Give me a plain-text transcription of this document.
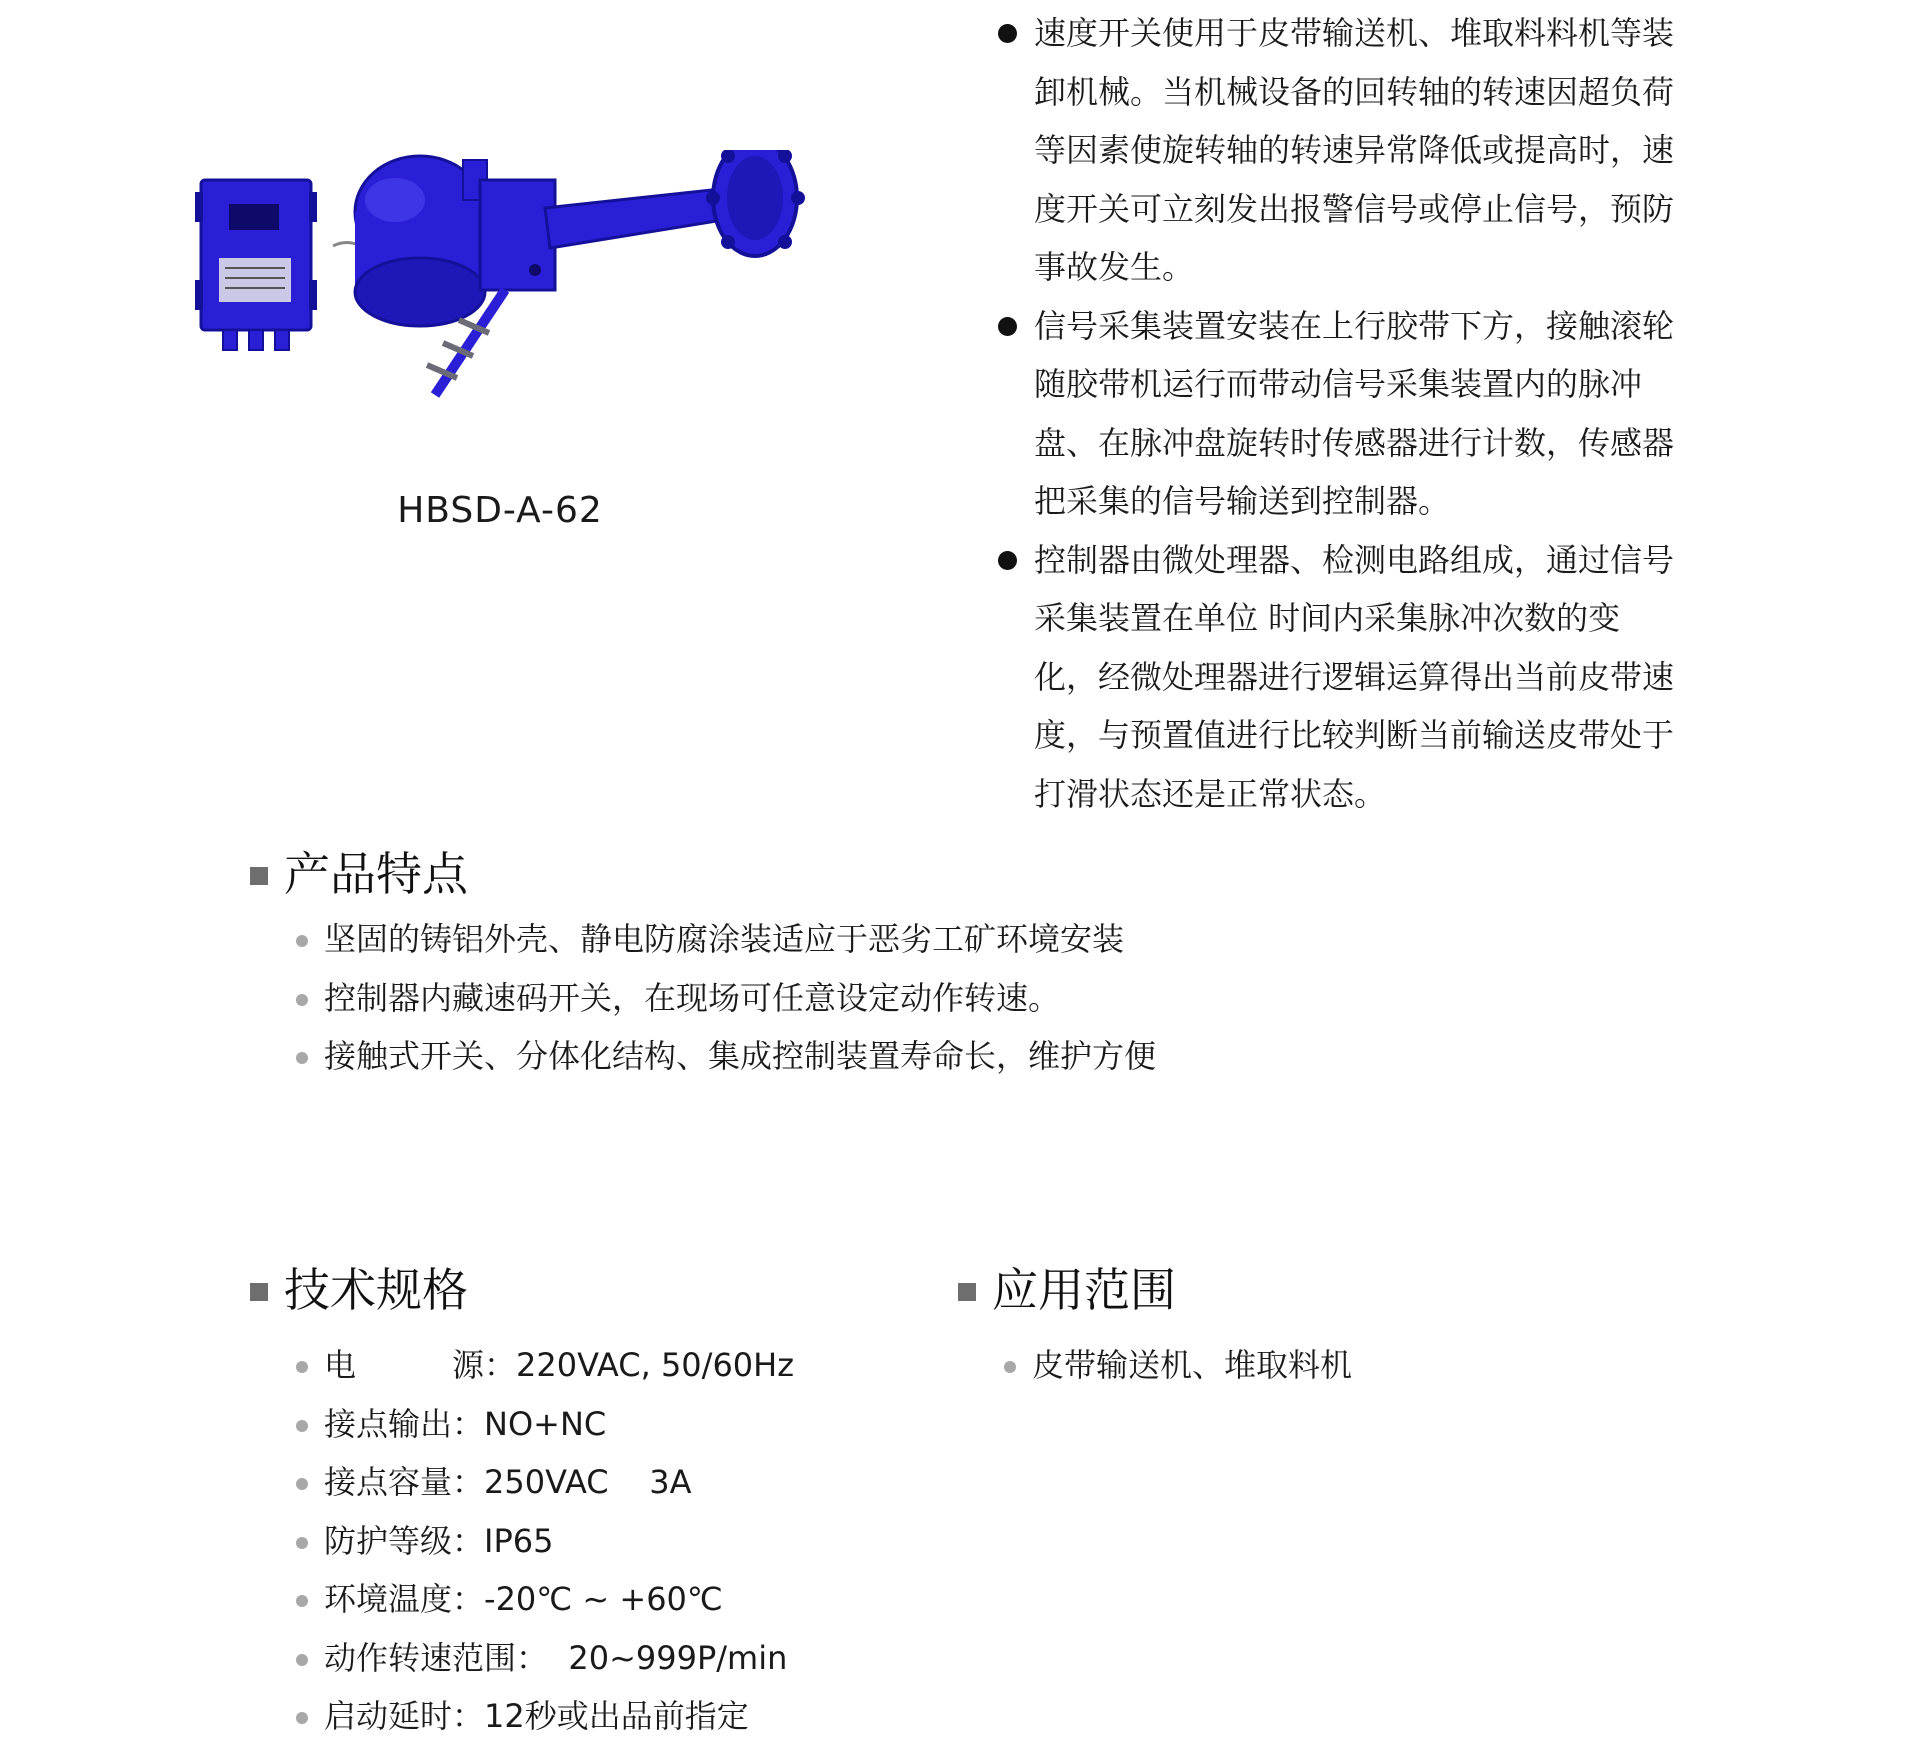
HBSD-A-62
速度开关使用于皮带输送机、堆取料料机等装卸机械。当机械设备的回转轴的转速因超负荷等因素使旋转轴的转速异常降低或提高时，速度开关可立刻发出报警信号或停止信号，预防事故发生。
信号采集装置安装在上行胶带下方，接触滚轮随胶带机运行而带动信号采集装置内的脉冲盘、在脉冲盘旋转时传感器进行计数，传感器把采集的信号输送到控制器。
控制器由微处理器、检测电路组成，通过信号采集装置在单位 时间内采集脉冲次数的变化，经微处理器进行逻辑运算得出当前皮带速度，与预置值进行比较判断当前输送皮带处于打滑状态还是正常状态。
产品特点
坚固的铸铝外壳、静电防腐涂装适应于恶劣工矿环境安装
控制器内藏速码开关，在现场可任意设定动作转速。
接触式开关、分体化结构、集成控制装置寿命长，维护方便
技术规格
电	源 ：220VAC, 50/60Hz
接点输出：NO+NC
接点容量：250VAC    3A
防护等级：IP65
环境温度：-20℃ ~ +60℃
动作转速范围：  20~999P/min
启动延时：12秒或出品前指定
应用范围
皮带输送机、堆取料机
